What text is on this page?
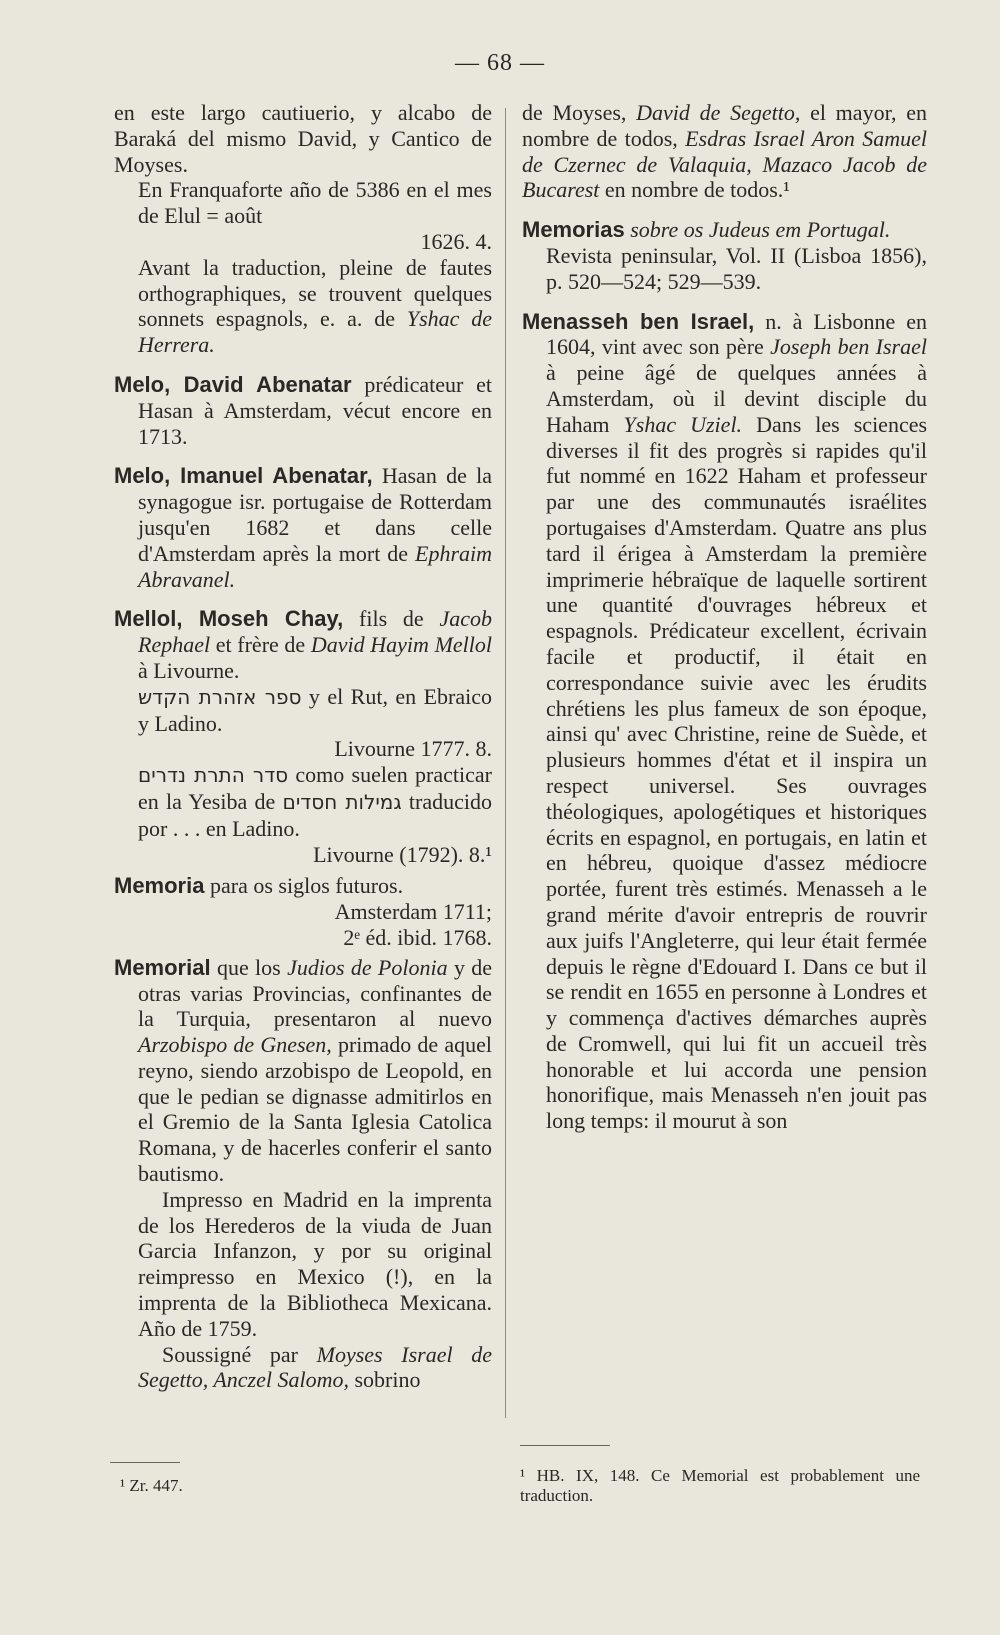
— 68 —

en este largo cautiuerio, y alcabo de Baraká del mismo David, y Cantico de Moyses.

En Franquaforte año de 5386 en el mes de Elul = août

1626. 4.

Avant la traduction, pleine de fautes orthographiques, se trouvent quelques sonnets espagnols, e. a. de Yshac de Herrera.

Melo, David Abenatar prédicateur et Hasan à Amsterdam, vécut encore en 1713.

Melo, Imanuel Abenatar, Hasan de la synagogue isr. portugaise de Rotterdam jusqu'en 1682 et dans celle d'Amsterdam après la mort de Ephraim Abravanel.

Mellol, Moseh Chay, fils de Jacob Rephael et frère de David Hayim Mellol à Livourne.

ספר אזהרת הקדש y el Rut, en Ebraico y Ladino.

Livourne 1777. 8.

סדר התרת נדרים como suelen practicar en la Yesiba de גמילות חסדים traducido por . . . en Ladino.

Livourne (1792). 8.¹

Memoria para os siglos futuros.

Amsterdam 1711;

2ᵉ éd. ibid. 1768.

Memorial que los Judios de Polonia y de otras varias Provincias, confinantes de la Turquia, presentaron al nuevo Arzobispo de Gnesen, primado de aquel reyno, siendo arzobispo de Leopold, en que le pedian se dignasse admitirlos en el Gremio de la Santa Iglesia Catolica Romana, y de hacerles conferir el santo bautismo.

Impresso en Madrid en la imprenta de los Herederos de la viuda de Juan Garcia Infanzon, y por su original reimpresso en Mexico (!), en la imprenta de la Bibliotheca Mexicana. Año de 1759.

Soussigné par Moyses Israel de Segetto, Anczel Salomo, sobrino

¹ Zr. 447.

de Moyses, David de Segetto, el mayor, en nombre de todos, Esdras Israel Aron Samuel de Czernec de Valaquia, Mazaco Jacob de Bucarest en nombre de todos.¹

Memorias sobre os Judeus em Portugal.

Revista peninsular, Vol. II (Lisboa 1856), p. 520—524; 529—539.

Menasseh ben Israel, n. à Lisbonne en 1604, vint avec son père Joseph ben Israel à peine âgé de quelques années à Amsterdam, où il devint disciple du Haham Yshac Uziel. Dans les sciences diverses il fit des progrès si rapides qu'il fut nommé en 1622 Haham et professeur par une des communautés israélites portugaises d'Amsterdam. Quatre ans plus tard il érigea à Amsterdam la première imprimerie hébraïque de laquelle sortirent une quantité d'ouvrages hébreux et espagnols. Prédicateur excellent, écrivain facile et productif, il était en correspondance suivie avec les érudits chrétiens les plus fameux de son époque, ainsi qu' avec Christine, reine de Suède, et plusieurs hommes d'état et il inspira un respect universel. Ses ouvrages théologiques, apologétiques et historiques écrits en espagnol, en portugais, en latin et en hébreu, quoique d'assez médiocre portée, furent très estimés. Menasseh a le grand mérite d'avoir entrepris de rouvrir aux juifs l'Angleterre, qui leur était fermée depuis le règne d'Edouard I. Dans ce but il se rendit en 1655 en personne à Londres et y commença d'actives démarches auprès de Cromwell, qui lui fit un accueil très honorable et lui accorda une pension honorifique, mais Menasseh n'en jouit pas long temps: il mourut à son

¹ HB. IX, 148. Ce Memorial est probablement une traduction.
